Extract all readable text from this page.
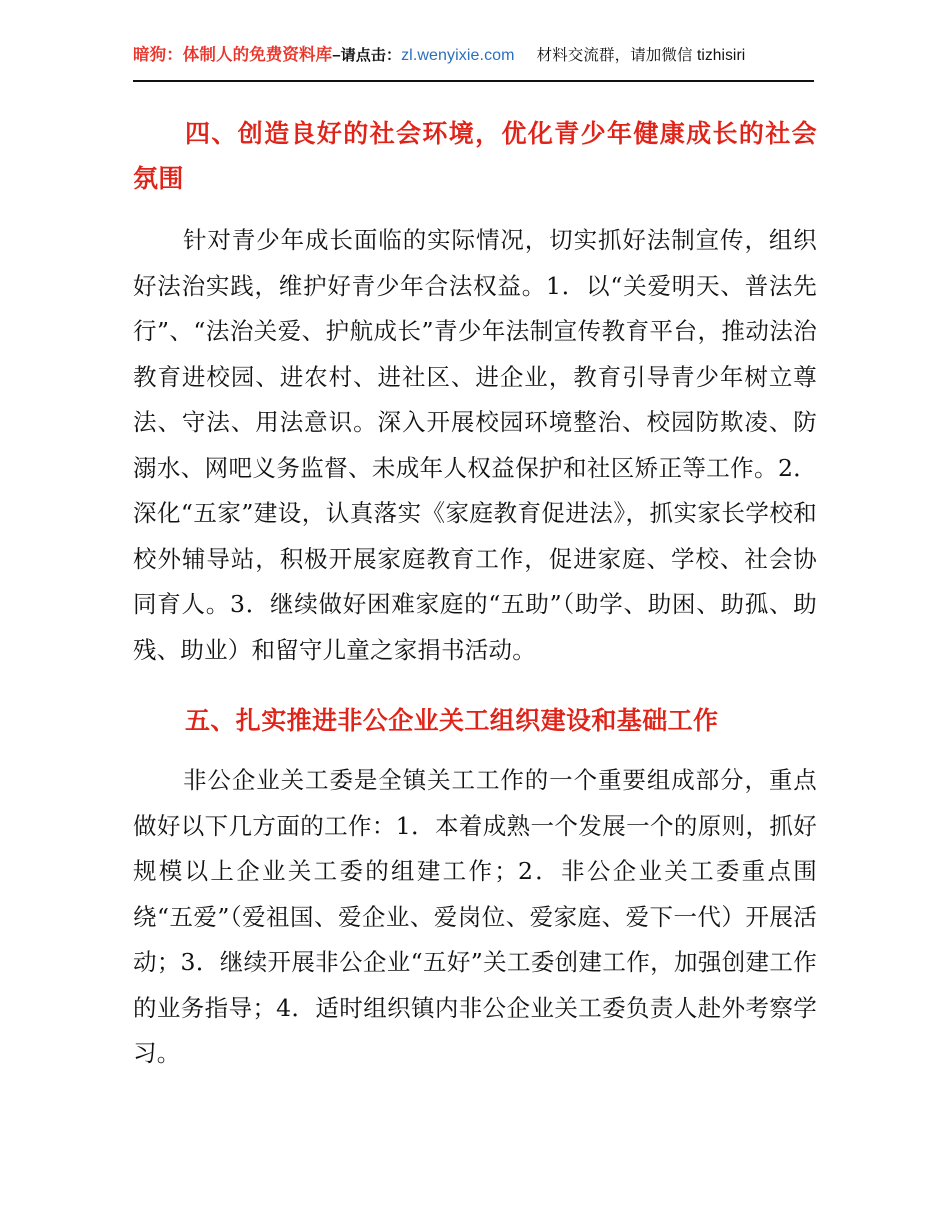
暗狗：体制人的免费资料库–请点击：zl.wenyixie.com 材料交流群，请加微信 tizhisiri
四、创造良好的社会环境，优化青少年健康成长的社会氛围

针对青少年成长面临的实际情况，切实抓好法制宣传，组织好法治实践，维护好青少年合法权益。1．以“关爱明天、普法先行”、“法治关爱、护航成长”青少年法制宣传教育平台，推动法治教育进校园、进农村、进社区、进企业，教育引导青少年树立尊法、守法、用法意识。深入开展校园环境整治、校园防欺凌、防溺水、网吧义务监督、未成年人权益保护和社区矫正等工作。2．深化“五家”建设，认真落实《家庭教育促进法》，抓实家长学校和校外辅导站，积极开展家庭教育工作，促进家庭、学校、社会协同育人。3．继续做好困难家庭的“五助”（助学、助困、助孤、助残、助业）和留守儿童之家捐书活动。

五、扎实推进非公企业关工组织建设和基础工作

非公企业关工委是全镇关工工作的一个重要组成部分，重点做好以下几方面的工作：1．本着成熟一个发展一个的原则，抓好规模以上企业关工委的组建工作；2．非公企业关工委重点围绕“五爱”（爱祖国、爱企业、爱岗位、爱家庭、爱下一代）开展活动；3．继续开展非公企业“五好”关工委创建工作，加强创建工作的业务指导；4．适时组织镇内非公企业关工委负责人赴外考察学习。
